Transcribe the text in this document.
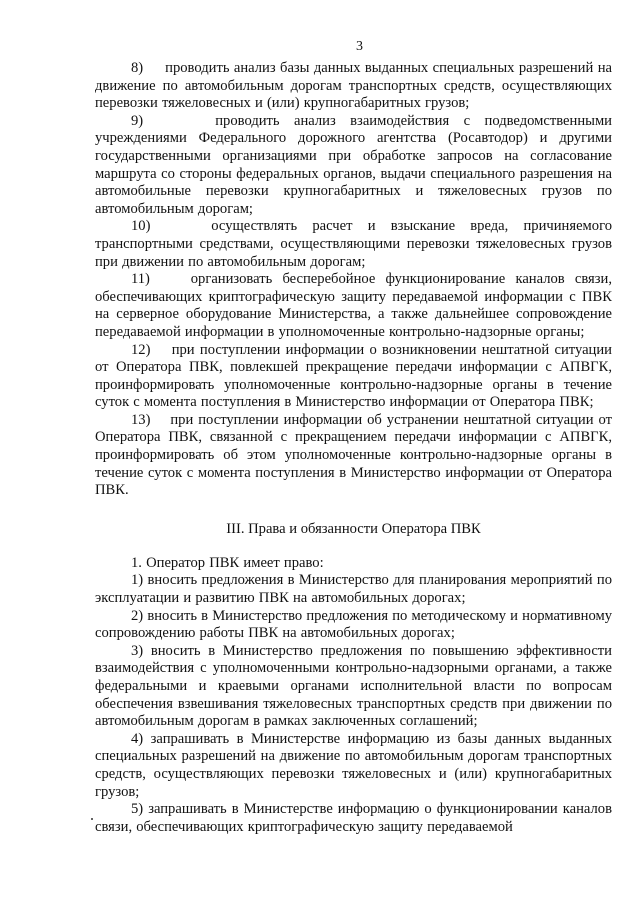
3

8) проводить анализ базы данных выданных специальных разрешений на движение по автомобильным дорогам транспортных средств, осуществляющих перевозки тяжеловесных и (или) крупногабаритных грузов;

9)	проводить анализ взаимодействия с подведомственными учреждениями Федерального дорожного агентства (Росавтодор) и другими государственными организациями при обработке запросов на согласование маршрута со стороны федеральных органов, выдачи специального разрешения на автомобильные перевозки крупногабаритных и тяжеловесных грузов по автомобильным дорогам;

10)	осуществлять расчет и взыскание вреда, причиняемого транспортными средствами, осуществляющими перевозки тяжеловесных грузов при движении по автомобильным дорогам;

11)	организовать бесперебойное функционирование каналов связи, обеспечивающих криптографическую защиту передаваемой информации с ПВК на серверное оборудование Министерства, а также дальнейшее сопровождение передаваемой информации в уполномоченные контрольно-надзорные органы;

12) при поступлении информации о возникновении нештатной ситуации от Оператора ПВК, повлекшей прекращение передачи информации с АПВГК, проинформировать уполномоченные контрольно-надзорные органы в течение суток с момента поступления в Министерство информации от Оператора ПВК;

13) при поступлении информации об устранении нештатной ситуации от Оператора ПВК, связанной с прекращением передачи информации с АПВГК, проинформировать об этом уполномоченные контрольно-надзорные органы в течение суток с момента поступления в Министерство информации от Оператора ПВК.

III. Права и обязанности Оператора ПВК

1. Оператор ПВК имеет право:

1) вносить предложения в Министерство для планирования мероприятий по эксплуатации и развитию ПВК на автомобильных дорогах;

2) вносить в Министерство предложения по методическому и нормативному сопровождению работы ПВК на автомобильных дорогах;

3) вносить в Министерство предложения по повышению эффективности взаимодействия с уполномоченными контрольно-надзорными органами, а также федеральными и краевыми органами исполнительной власти по вопросам обеспечения взвешивания тяжеловесных транспортных средств при движении по автомобильным дорогам в рамках заключенных соглашений;

4) запрашивать в Министерстве информацию из базы данных выданных специальных разрешений на движение по автомобильным дорогам транспортных средств, осуществляющих перевозки тяжеловесных и (или) крупногабаритных грузов;

5) запрашивать в Министерстве информацию о функционировании каналов связи, обеспечивающих криптографическую защиту передаваемой
